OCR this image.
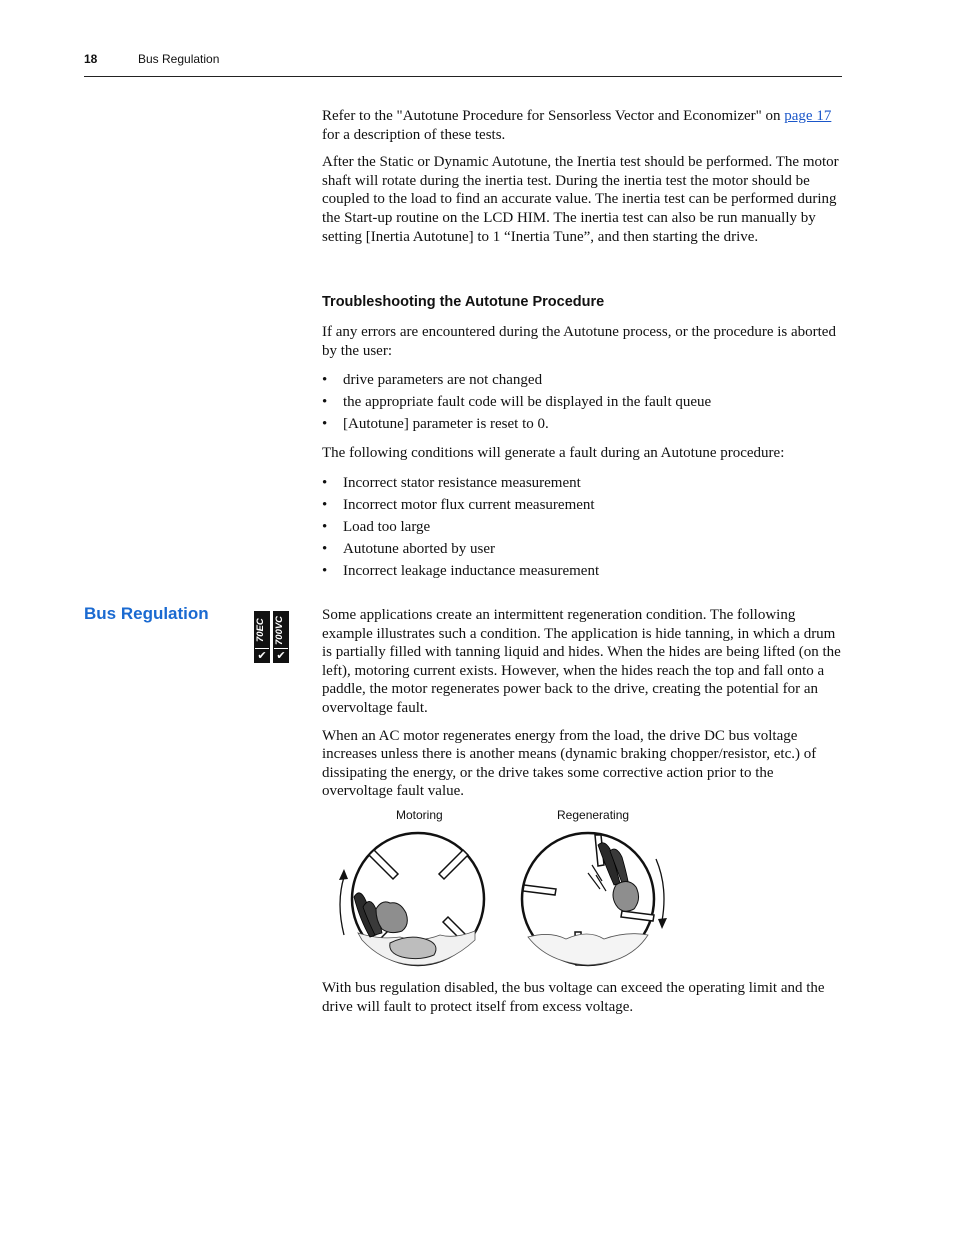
18	Bus Regulation

Refer to the "Autotune Procedure for Sensorless Vector and Economizer" on page 17 for a description of these tests.

After the Static or Dynamic Autotune, the Inertia test should be performed. The motor shaft will rotate during the inertia test. During the inertia test the motor should be coupled to the load to find an accurate value. The inertia test can be performed during the Start-up routine on the LCD HIM. The inertia test can also be run manually by setting [Inertia Autotune] to 1 “Inertia Tune”, and then starting the drive.

Troubleshooting the Autotune Procedure

If any errors are encountered during the Autotune process, or the procedure is aborted by the user:

• drive parameters are not changed
• the appropriate fault code will be displayed in the fault queue
• [Autotune] parameter is reset to 0.

The following conditions will generate a fault during an Autotune procedure:

• Incorrect stator resistance measurement
• Incorrect motor flux current measurement
• Load too large
• Autotune aborted by user
• Incorrect leakage inductance measurement
Bus Regulation
70EC
✔
700VC
✔

Some applications create an intermittent regeneration condition. The following example illustrates such a condition. The application is hide tanning, in which a drum is partially filled with tanning liquid and hides. When the hides are being lifted (on the left), motoring current exists. However, when the hides reach the top and fall onto a paddle, the motor regenerates power back to the drive, creating the potential for an overvoltage fault.

When an AC motor regenerates energy from the load, the drive DC bus voltage increases unless there is another means (dynamic braking chopper/resistor, etc.) of dissipating the energy, or the drive takes some corrective action prior to the overvoltage fault value.

Motoring	Regenerating

With bus regulation disabled, the bus voltage can exceed the operating limit and the drive will fault to protect itself from excess voltage.
